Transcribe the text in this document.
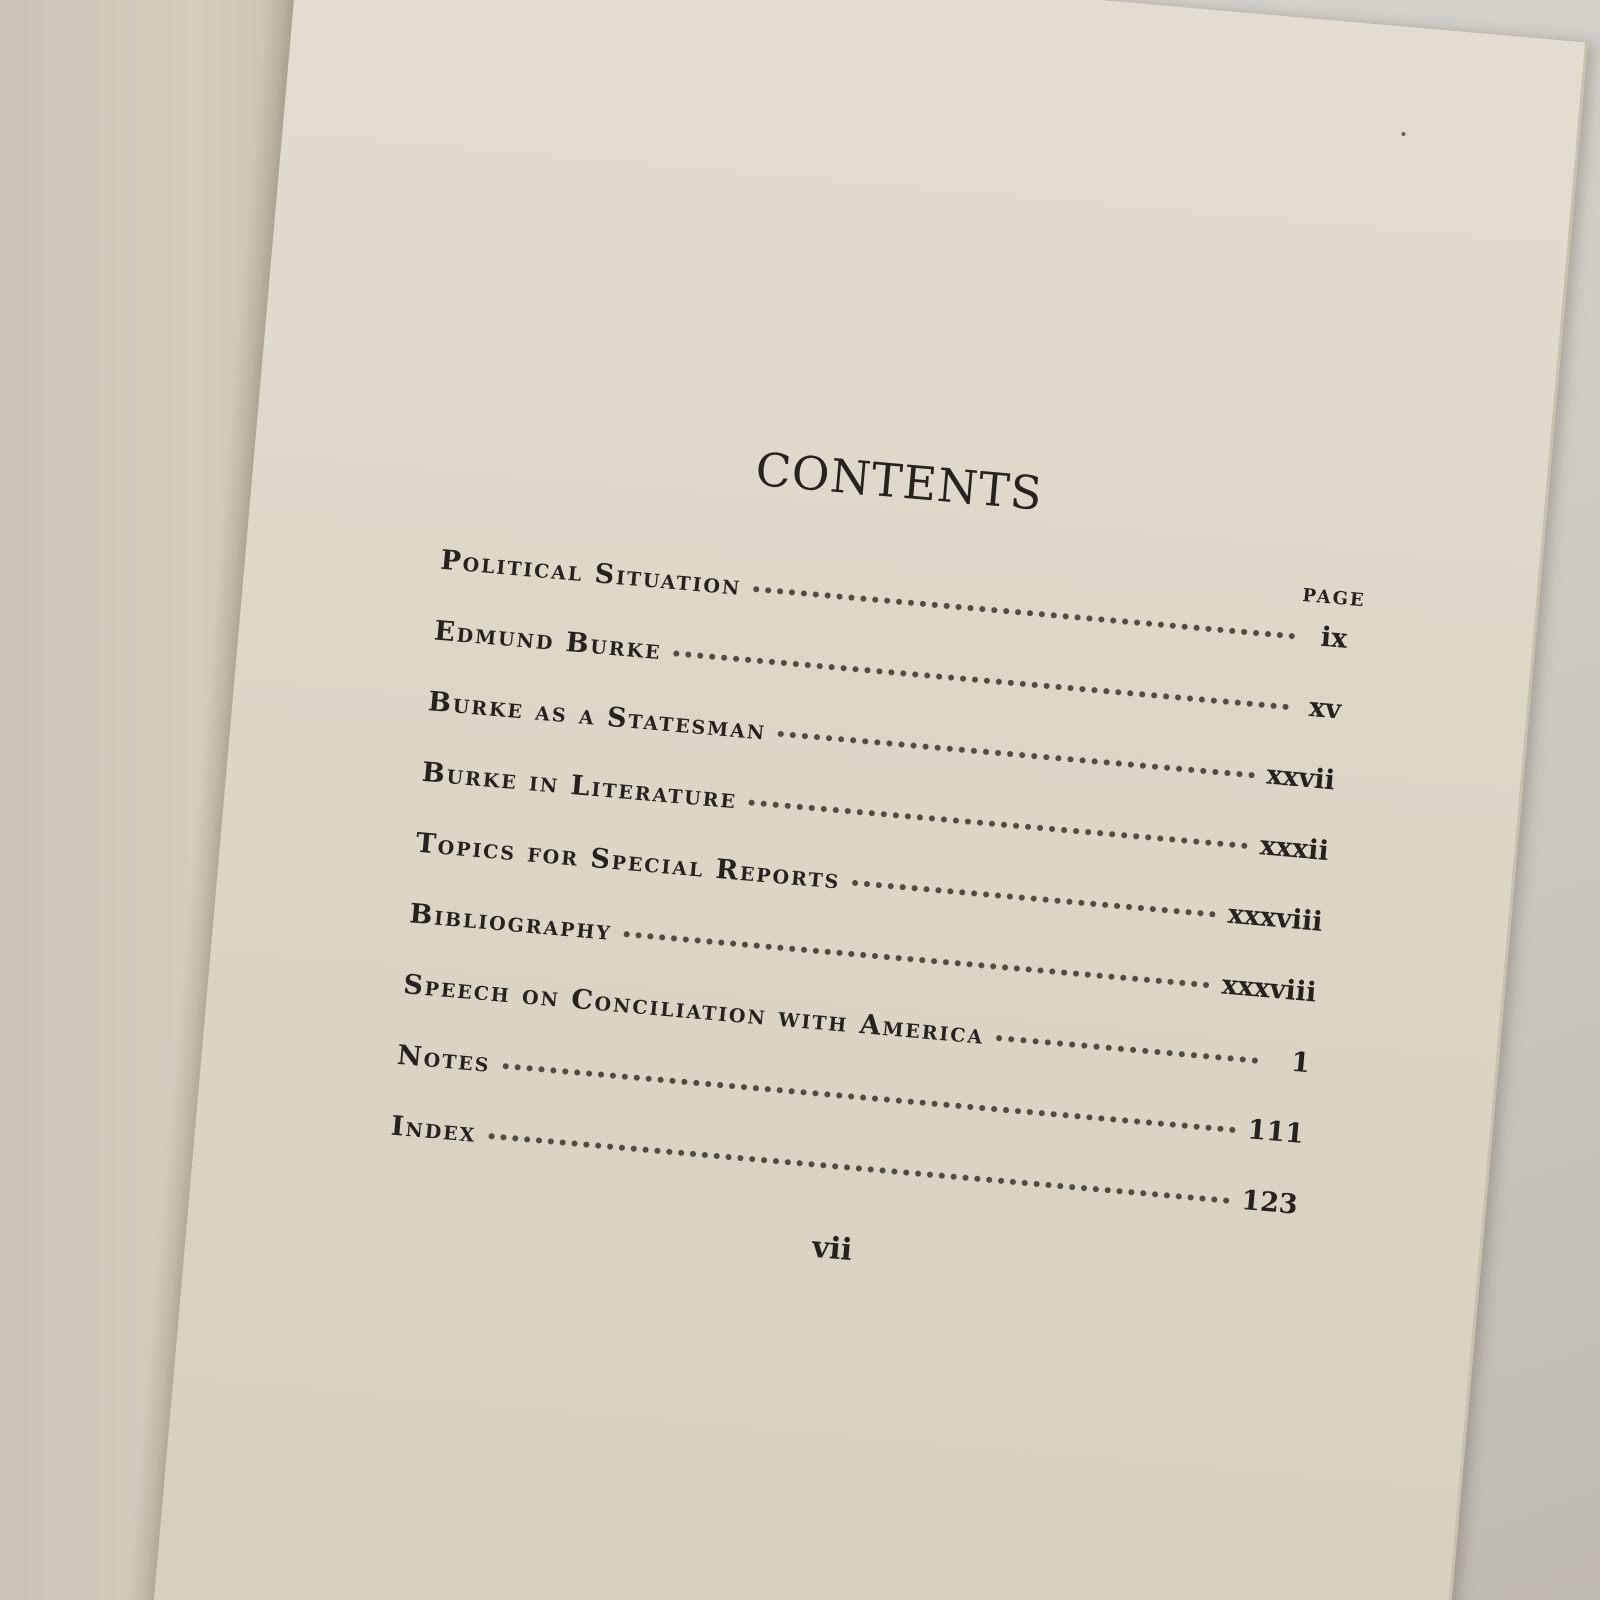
CONTENTS
PAGE
Political Situation
ix
Edmund Burke
xv
Burke as a Statesman
xxvii
Burke in Literature
xxxii
Topics for Special Reports
xxxviii
Bibliography
xxxviii
Speech on Conciliation with America
1
Notes
111
Index
123
vii
